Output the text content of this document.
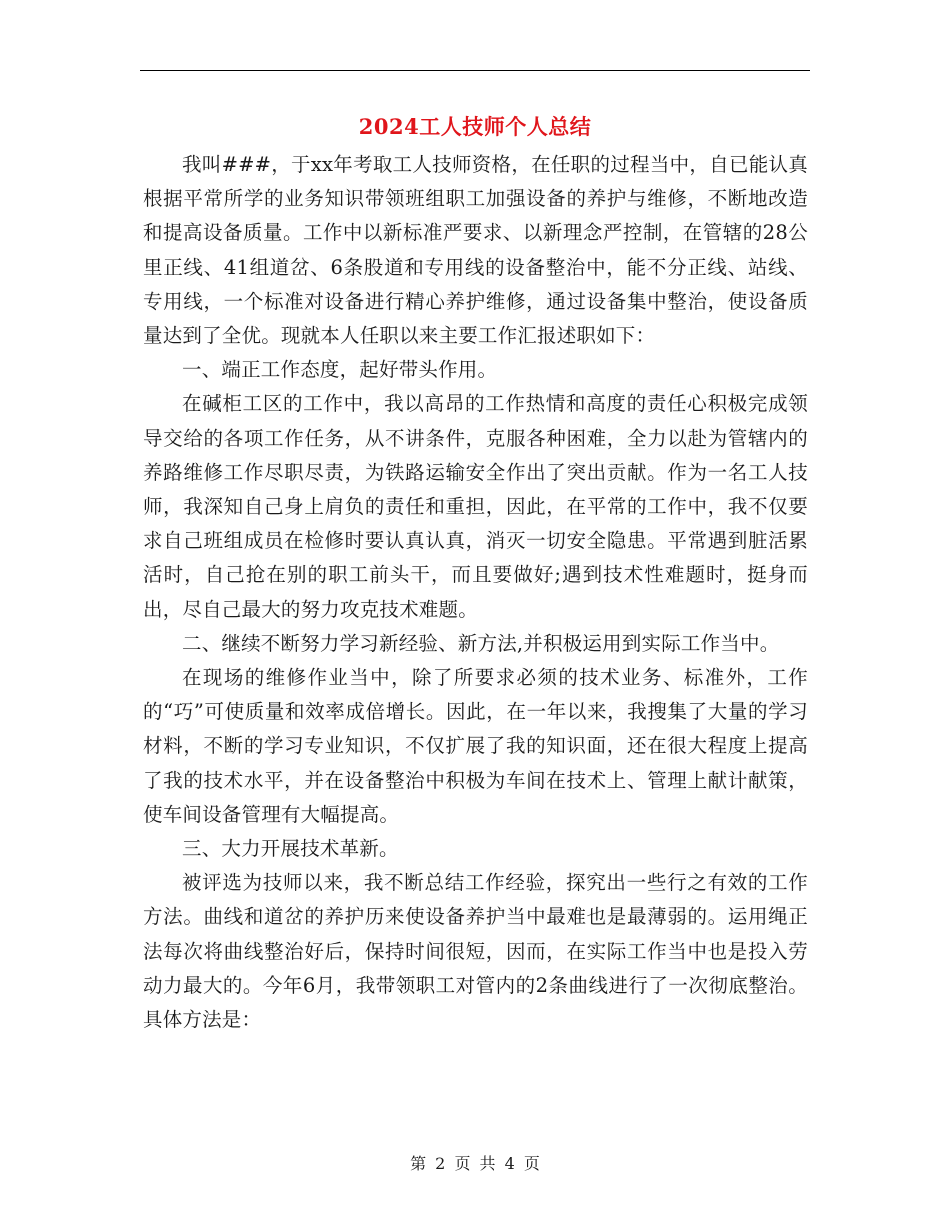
2024工人技师个人总结

我叫###，于xx年考取工人技师资格，在任职的过程当中，自已能认真根据平常所学的业务知识带领班组职工加强设备的养护与维修，不断地改造和提高设备质量。工作中以新标准严要求、以新理念严控制，在管辖的28公里正线、41组道岔、6条股道和专用线的设备整治中，能不分正线、站线、专用线，一个标准对设备进行精心养护维修，通过设备集中整治，使设备质量达到了全优。现就本人任职以来主要工作汇报述职如下：

一、端正工作态度，起好带头作用。

在碱柜工区的工作中，我以高昂的工作热情和高度的责任心积极完成领导交给的各项工作任务，从不讲条件，克服各种困难，全力以赴为管辖内的养路维修工作尽职尽责，为铁路运输安全作出了突出贡献。作为一名工人技师，我深知自己身上肩负的责任和重担，因此，在平常的工作中，我不仅要求自己班组成员在检修时要认真认真，消灭一切安全隐患。平常遇到脏活累活时，自己抢在别的职工前头干，而且要做好;遇到技术性难题时，挺身而出，尽自己最大的努力攻克技术难题。

二、继续不断努力学习新经验、新方法,并积极运用到实际工作当中。

在现场的维修作业当中，除了所要求必须的技术业务、标准外，工作的“巧”可使质量和效率成倍增长。因此，在一年以来，我搜集了大量的学习材料，不断的学习专业知识，不仅扩展了我的知识面，还在很大程度上提高了我的技术水平，并在设备整治中积极为车间在技术上、管理上献计献策，使车间设备管理有大幅提高。

三、大力开展技术革新。

被评选为技师以来，我不断总结工作经验，探究出一些行之有效的工作方法。曲线和道岔的养护历来使设备养护当中最难也是最薄弱的。运用绳正法每次将曲线整治好后，保持时间很短，因而，在实际工作当中也是投入劳动力最大的。今年6月，我带领职工对管内的2条曲线进行了一次彻底整治。具体方法是：

第 2 页 共 4 页
